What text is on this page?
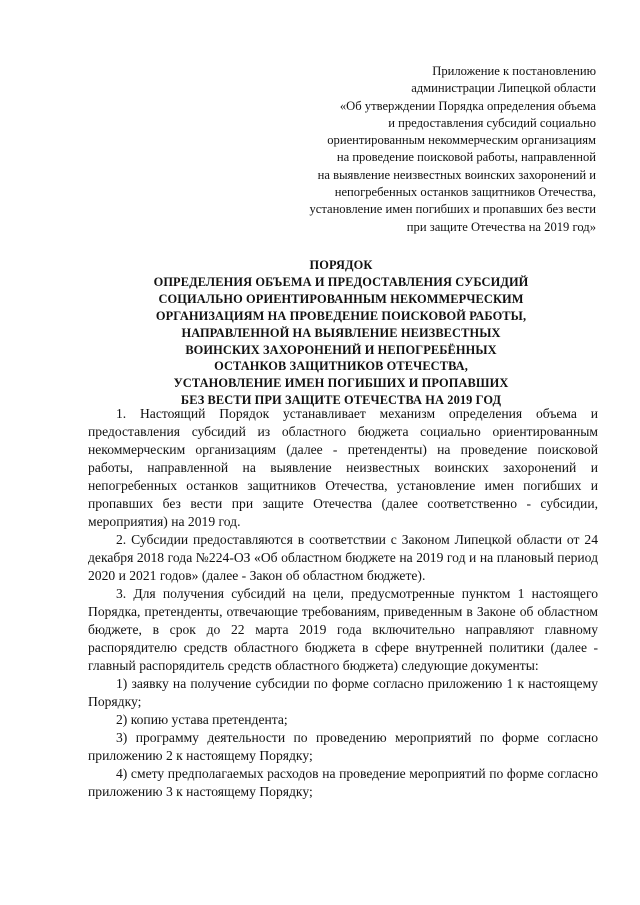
Приложение к постановлению
администрации Липецкой области
«Об утверждении Порядка определения объема
и предоставления субсидий социально
ориентированным некоммерческим организациям
на проведение поисковой работы, направленной
на выявление неизвестных воинских захоронений и
непогребенных останков защитников Отечества,
установление имен погибших и пропавших без вести
при защите Отечества на 2019 год»
ПОРЯДОК
ОПРЕДЕЛЕНИЯ ОБЪЕМА И ПРЕДОСТАВЛЕНИЯ СУБСИДИЙ
СОЦИАЛЬНО ОРИЕНТИРОВАННЫМ НЕКОММЕРЧЕСКИМ
ОРГАНИЗАЦИЯМ НА ПРОВЕДЕНИЕ ПОИСКОВОЙ РАБОТЫ,
НАПРАВЛЕННОЙ НА ВЫЯВЛЕНИЕ НЕИЗВЕСТНЫХ
ВОИНСКИХ ЗАХОРОНЕНИЙ И НЕПОГРЕБЁННЫХ
ОСТАНКОВ ЗАЩИТНИКОВ ОТЕЧЕСТВА,
УСТАНОВЛЕНИЕ ИМЕН ПОГИБШИХ И ПРОПАВШИХ
БЕЗ ВЕСТИ ПРИ ЗАЩИТЕ ОТЕЧЕСТВА НА 2019 ГОД

1. Настоящий Порядок устанавливает механизм определения объема и предоставления субсидий из областного бюджета социально ориентированным некоммерческим организациям (далее - претенденты) на проведение поисковой работы, направленной на выявление неизвестных воинских захоронений и непогребенных останков защитников Отечества, установление имен погибших и пропавших без вести при защите Отечества (далее соответственно - субсидии, мероприятия) на 2019 год.

2. Субсидии предоставляются в соответствии с Законом Липецкой области от 24 декабря 2018 года №224-ОЗ «Об областном бюджете на 2019 год и на плановый период 2020 и 2021 годов» (далее - Закон об областном бюджете).

3. Для получения субсидий на цели, предусмотренные пунктом 1 настоящего Порядка, претенденты, отвечающие требованиям, приведенным в Законе об областном бюджете, в срок до 22 марта 2019 года включительно направляют главному распорядителю средств областного бюджета в сфере внутренней политики (далее - главный распорядитель средств областного бюджета) следующие документы:

1) заявку на получение субсидии по форме согласно приложению 1 к настоящему Порядку;

2) копию устава претендента;

3) программу деятельности по проведению мероприятий по форме согласно приложению 2 к настоящему Порядку;

4) смету предполагаемых расходов на проведение мероприятий по форме согласно приложению 3 к настоящему Порядку;
